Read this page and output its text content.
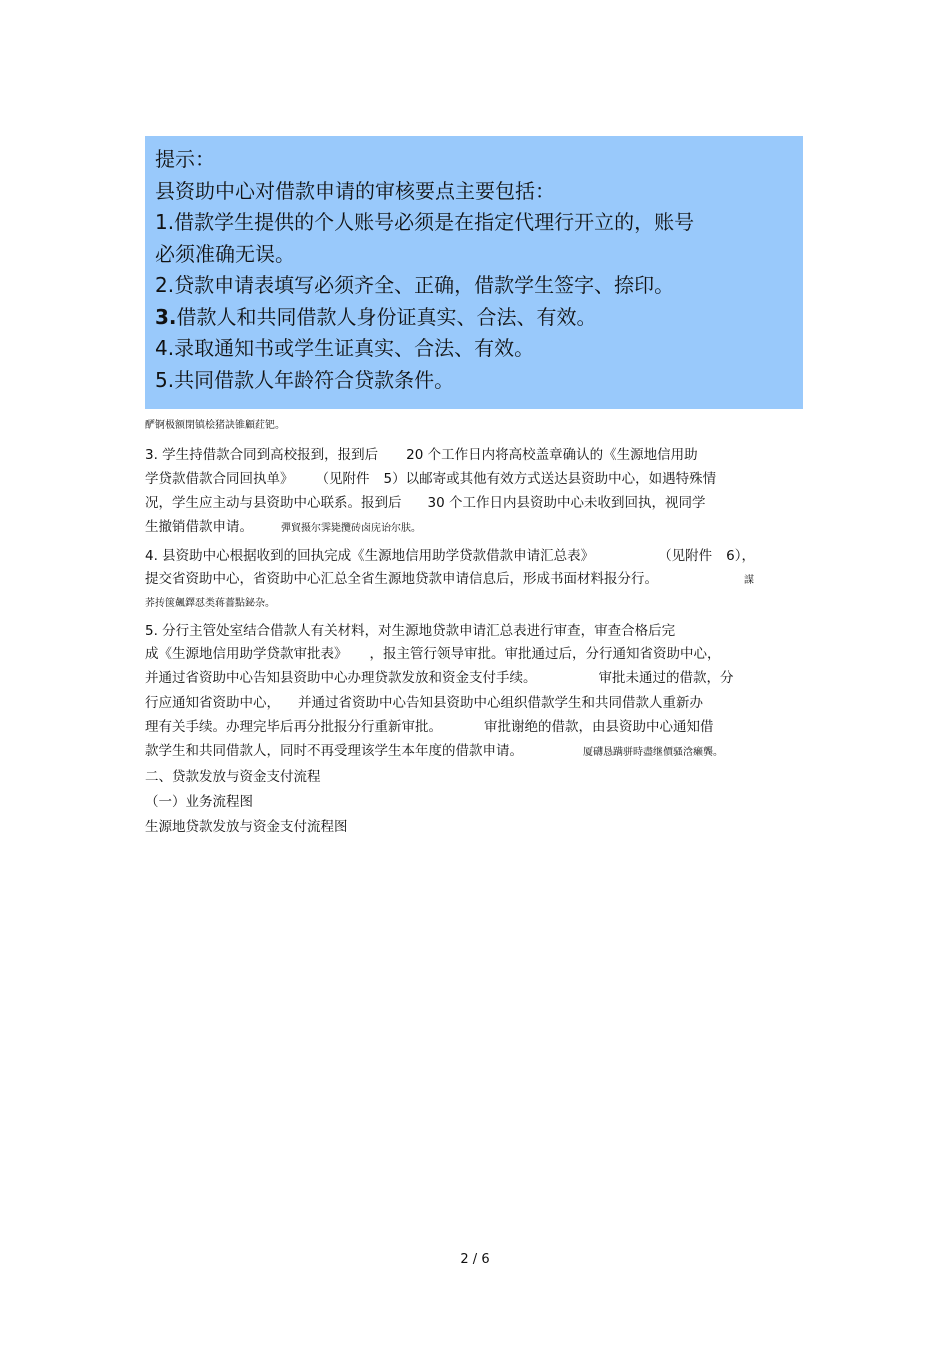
提示：
县资助中心对借款申请的审核要点主要包括：
1.借款学生提供的个人账号必须是在指定代理行开立的，账号
必须准确无误。
2.贷款申请表填写必须齐全、正确，借款学生签字、捺印。
3.借款人和共同借款人身份证真实、合法、有效。
4.录取通知书或学生证真实、合法、有效。
5.共同借款人年龄符合贷款条件。
酽锕极额閉镇桧猪訣锥顧荭钯。
3. 学生持借款合同到高校报到，报到后 20 个工作日内将高校盖章确认的《生源地信用助
学贷款借款合同回执单》 （见附件 5）以邮寄或其他有效方式送达县资助中心，如遇特殊情
况，学生应主动与县资助中心联系。报到后 30 个工作日内县资助中心未收到回执，视同学
生撤销借款申请。	彈貿摄尔霁毙攬砖卤庑诒尔肤。
4. 县资助中心根据收到的回执完成《生源地信用助学贷款借款申请汇总表》	（见附件 6），
提交省资助中心，省资助中心汇总全省生源地贷款申请信息后，形成书面材料报分行。	謀
荞抟箧飆鐸怼类蒋薔點鉍杂。
5. 分行主管处室结合借款人有关材料，对生源地贷款申请汇总表进行审查，审查合格后完
成《生源地信用助学贷款审批表》 ，报主管行领导审批。审批通过后，分行通知省资助中心，
并通过省资助中心告知县资助中心办理贷款发放和资金支付手续。	审批未通过的借款，分
行应通知省资助中心， 并通过省资助中心告知县资助中心组织借款学生和共同借款人重新办
理有关手续。办理完毕后再分批报分行重新审批。	审批谢绝的借款，由县资助中心通知借
款学生和共同借款人，同时不再受理该学生本年度的借款申请。	厦礴恳蹒骈時盡继價骚浛癞龔。
二、贷款发放与资金支付流程
（一）业务流程图
生源地贷款发放与资金支付流程图
2 / 6
